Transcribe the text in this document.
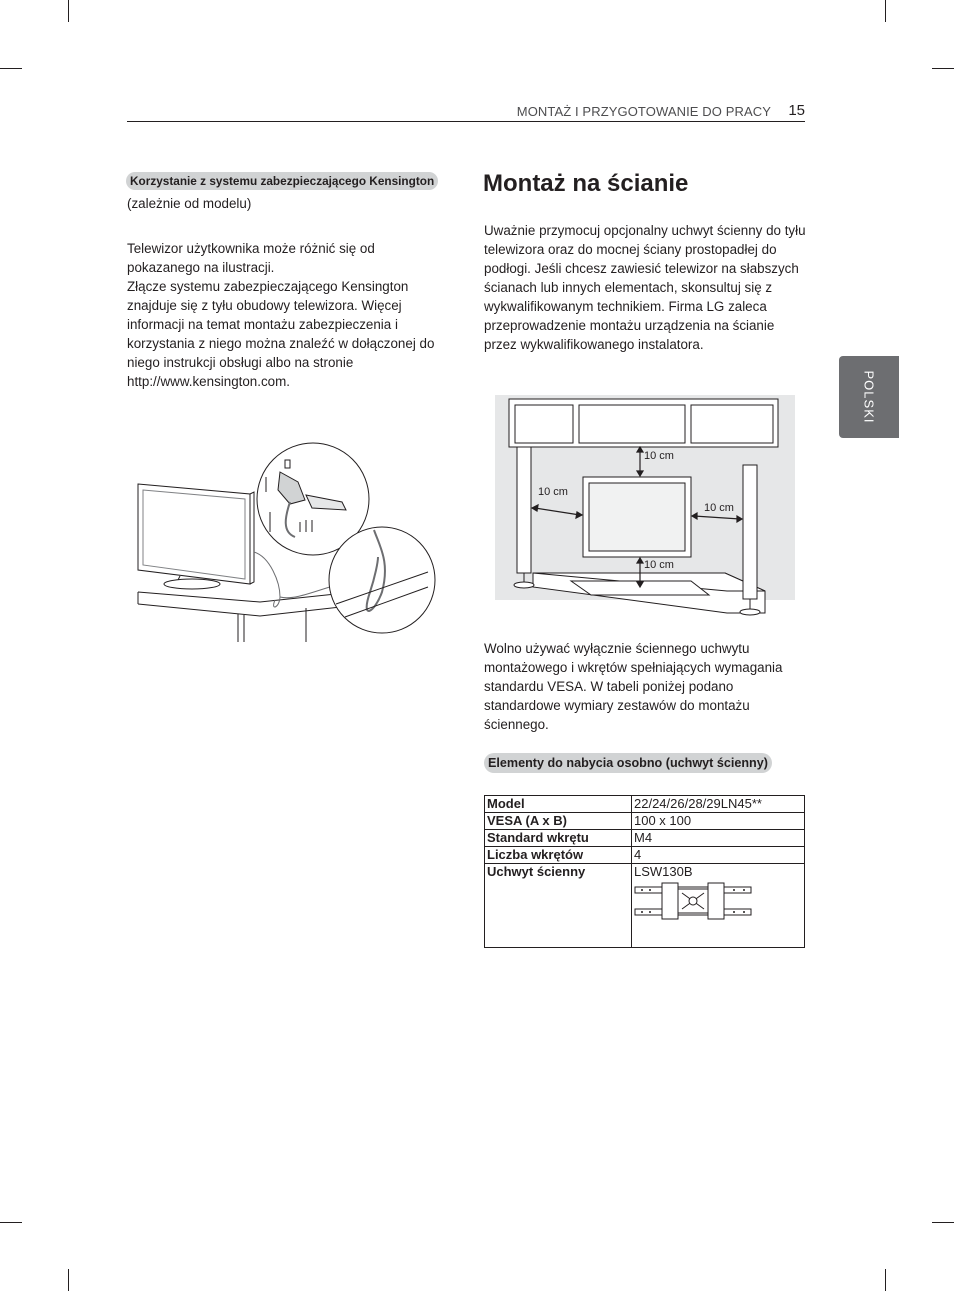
MONTAŻ I PRZYGOTOWANIE DO PRACY 15
POLSKI
Korzystanie z systemu zabezpieczającego Kensington
(zależnie od modelu)

Telewizor użytkownika może różnić się od pokazanego na ilustracji.

Złącze systemu zabezpieczającego Kensington znajduje się z tyłu obudowy telewizora. Więcej informacji na temat montażu zabezpieczenia i korzystania z niego można znaleźć w dołączonej do niego instrukcji obsługi albo na stronie http://www.kensington.com.

Montaż na ścianie
Uważnie przymocuj opcjonalny uchwyt ścienny do tyłu telewizora oraz do mocnej ściany prostopadłej do podłogi. Jeśli chcesz zawiesić telewizor na słabszych ścianach lub innych elementach, skonsultuj się z wykwalifikowanym technikiem. Firma LG zaleca przeprowadzenie montażu urządzenia na ścianie przez wykwalifikowanego instalatora.
10 cm
10 cm
10 cm
10 cm
Wolno używać wyłącznie ściennego uchwytu montażowego i wkrętów spełniających wymagania standardu VESA. W tabeli poniżej podano standardowe wymiary zestawów do montażu ściennego.
Elementy do nabycia osobno (uchwyt ścienny)
Model	22/24/26/28/29LN45**
VESA (A x B)	100 x 100
Standard wkrętu	M4
Liczba wkrętów	4
Uchwyt ścienny	LSW130B
